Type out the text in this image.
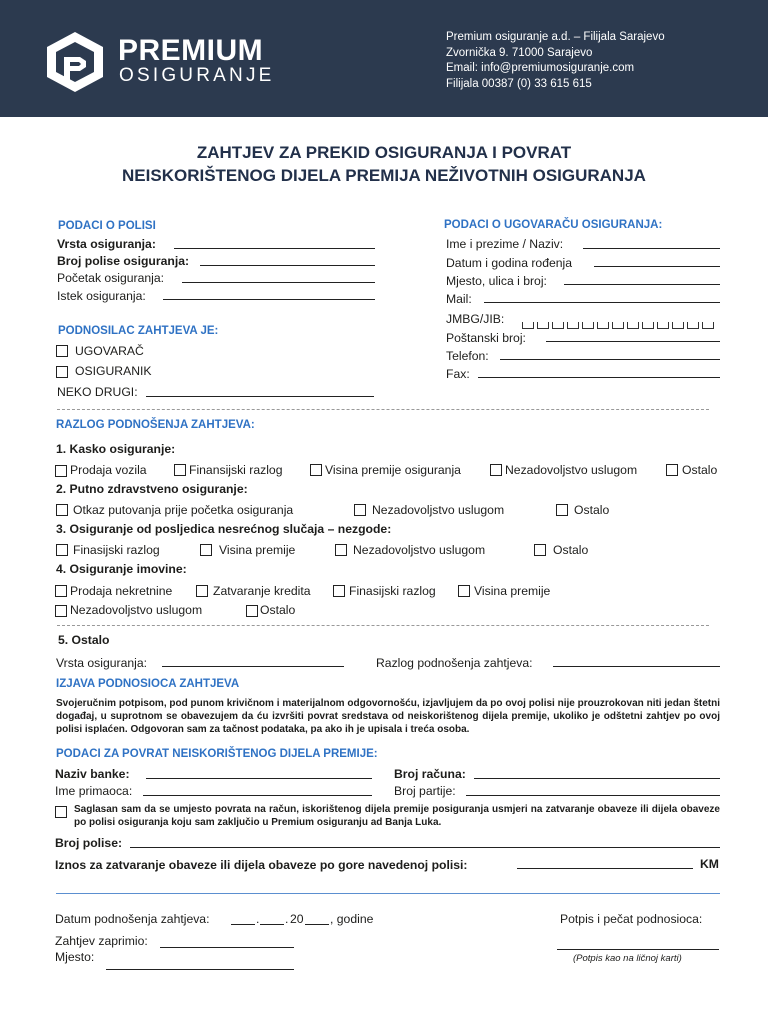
PREMIUM
OSIGURANJE
Premium osiguranje a.d. – Filijala Sarajevo
Zvornička 9. 71000 Sarajevo
Email: info@premiumosiguranje.com
Filijala 00387 (0) 33 615 615
ZAHTJEV ZA PREKID OSIGURANJA I POVRAT
NEISKORIŠTENOG DIJELA PREMIJA NEŽIVOTNIH OSIGURANJA
PODACI O POLISI
Vrsta osiguranja:
Broj polise osiguranja:
Početak osiguranja:
Istek osiguranja:
PODNOSILAC ZAHTJEVA JE:
UGOVARAČ
OSIGURANIK
NEKO DRUGI:
PODACI O UGOVARAČU OSIGURANJA:
Ime i prezime / Naziv:
Datum i godina rođenja
Mjesto, ulica i broj:
Mail:
JMBG/JIB:
Poštanski broj:
Telefon:
Fax:
RAZLOG PODNOŠENJA ZAHTJEVA:
1. Kasko osiguranje:
Prodaja vozila	Finansijski razlog	Visina premije osiguranja	Nezadovoljstvo uslugom	Ostalo
2. Putno zdravstveno osiguranje:
Otkaz putovanja prije početka osiguranja	Nezadovoljstvo uslugom	Ostalo
3. Osiguranje od posljedica nesrećnog slučaja – nezgode:
Finasijski razlog	Visina premije	Nezadovoljstvo uslugom	Ostalo
4. Osiguranje imovine:
Prodaja nekretnine	Zatvaranje kredita	Finasijski razlog	Visina premije
Nezadovoljstvo uslugom	Ostalo
5. Ostalo
Vrsta osiguranja:	Razlog podnošenja zahtjeva:
IZJAVA PODNOSIOCA ZAHTJEVA
Svojeručnim potpisom, pod punom krivičnom i materijalnom odgovornošću, izjavljujem da po ovoj polisi nije prouzrokovan niti jedan štetni događaj, u suprotnom se obavezujem da ću izvršiti povrat sredstava od neiskorištenog dijela premije, ukoliko je odštetni zahtjev po ovoj polisi isplaćen. Odgovoran sam za tačnost podataka, pa ako ih je upisala i treća osoba.
PODACI ZA POVRAT NEISKORIŠTENOG DIJELA PREMIJE:
Naziv banke:	Broj računa:
Ime primaoca:	Broj partije:
Saglasan sam da se umjesto povrata na račun, iskorištenog dijela premije posiguranja usmjeri na zatvaranje obaveze ili dijela obaveze po polisi osiguranja koju sam zaključio u Premium osiguranju ad Banja Luka.
Broj polise:
Iznos za zatvaranje obaveze ili dijela obaveze po gore navedenoj polisi:	KM
Datum podnošenja zahtjeva:	. . 20 , godine	Potpis i pečat podnosioca:
(Potpis kao na ličnoj karti)
Zahtjev zaprimio:
Mjesto:
